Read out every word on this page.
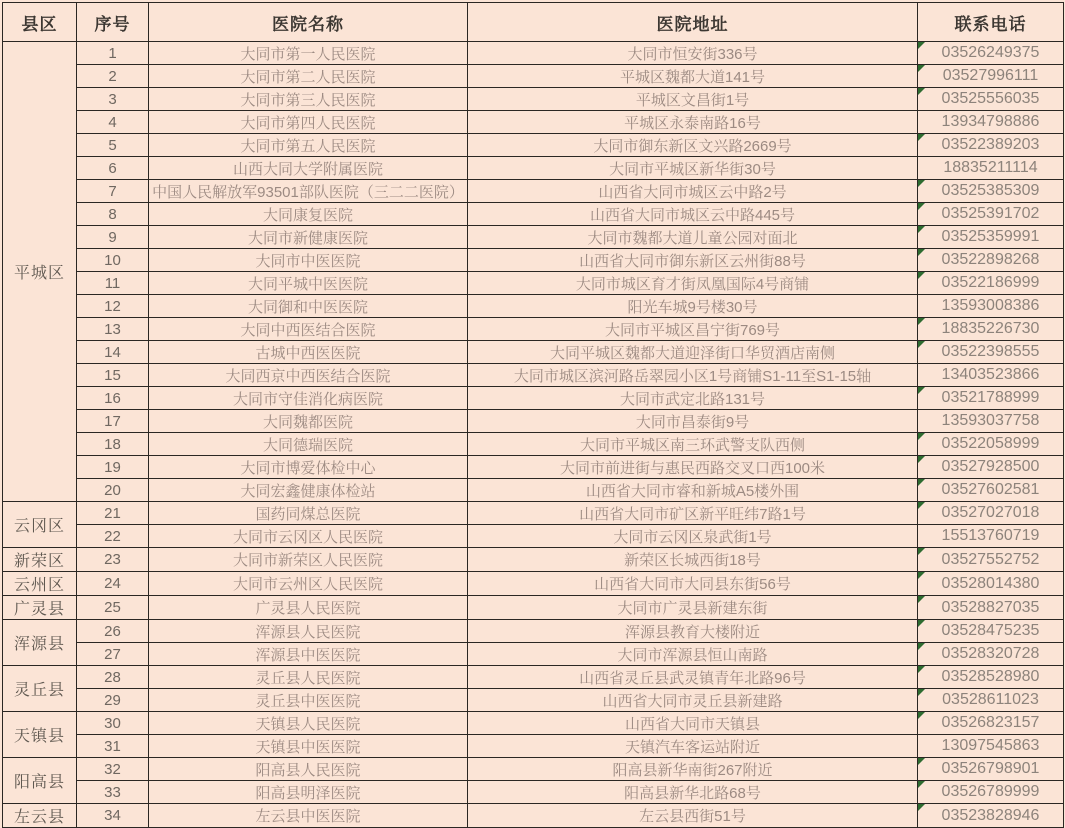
县区	序号	医院名称	医院地址	联系电话
平城区	1	大同市第一人民医院	大同市恒安街336号	03526249375

	2	大同市第二人民医院	平城区魏都大道141号	03527996111

	3	大同市第三人民医院	平城区文昌街1号	03525556035

	4	大同市第四人民医院	平城区永泰南路16号	13934798886
	5	大同市第五人民医院	大同市御东新区文兴路2669号	03522389203

	6	山西大同大学附属医院	大同市平城区新华街30号	18835211114
	7	中国人民解放军93501部队医院（三二二医院）	山西省大同市城区云中路2号	03525385309

	8	大同康复医院	山西省大同市城区云中路445号	03525391702

	9	大同市新健康医院	大同市魏都大道儿童公园对面北	03525359991

	10	大同市中医医院	山西省大同市御东新区云州街88号	03522898268

	11	大同平城中医医院	大同市城区育才街凤凰国际4号商铺	03522186999

	12	大同御和中医医院	阳光车城9号楼30号	13593008386
	13	大同中西医结合医院	大同市平城区昌宁街769号	18835226730

	14	古城中西医医院	大同平城区魏都大道迎泽街口华贸酒店南侧	03522398555

	15	大同西京中西医结合医院	大同市城区滨河路岳翠园小区1号商铺S1-11至S1-15轴	13403523866
	16	大同市守佳消化病医院	大同市武定北路131号	03521788999

	17	大同魏都医院	大同市昌泰街9号	13593037758
	18	大同德瑞医院	大同市平城区南三环武警支队西侧	03522058999

	19	大同市博爱体检中心	大同市前进街与惠民西路交叉口西100米	03527928500

	20	大同宏鑫健康体检站	山西省大同市睿和新城A5楼外围	03527602581

云冈区	21	国药同煤总医院	山西省大同市矿区新平旺纬7路1号	03527027018

	22	大同市云冈区人民医院	大同市云冈区泉武街1号	15513760719
新荣区	23	大同市新荣区人民医院	新荣区长城西街18号	03527552752

云州区	24	大同市云州区人民医院	山西省大同市大同县东街56号	03528014380

广灵县	25	广灵县人民医院	大同市广灵县新建东街	03528827035

浑源县	26	浑源县人民医院	浑源县教育大楼附近	03528475235

	27	浑源县中医医院	大同市浑源县恒山南路	03528320728

灵丘县	28	灵丘县人民医院	山西省灵丘县武灵镇青年北路96号	03528528980

	29	灵丘县中医医院	山西省大同市灵丘县新建路	03528611023

天镇县	30	天镇县人民医院	山西省大同市天镇县	03526823157

	31	天镇县中医医院	天镇汽车客运站附近	13097545863
阳高县	32	阳高县人民医院	阳高县新华南街267附近	03526798901

	33	阳高县明泽医院	阳高县新华北路68号	03526789999

左云县	34	左云县中医医院	左云县西街51号	03523828946
